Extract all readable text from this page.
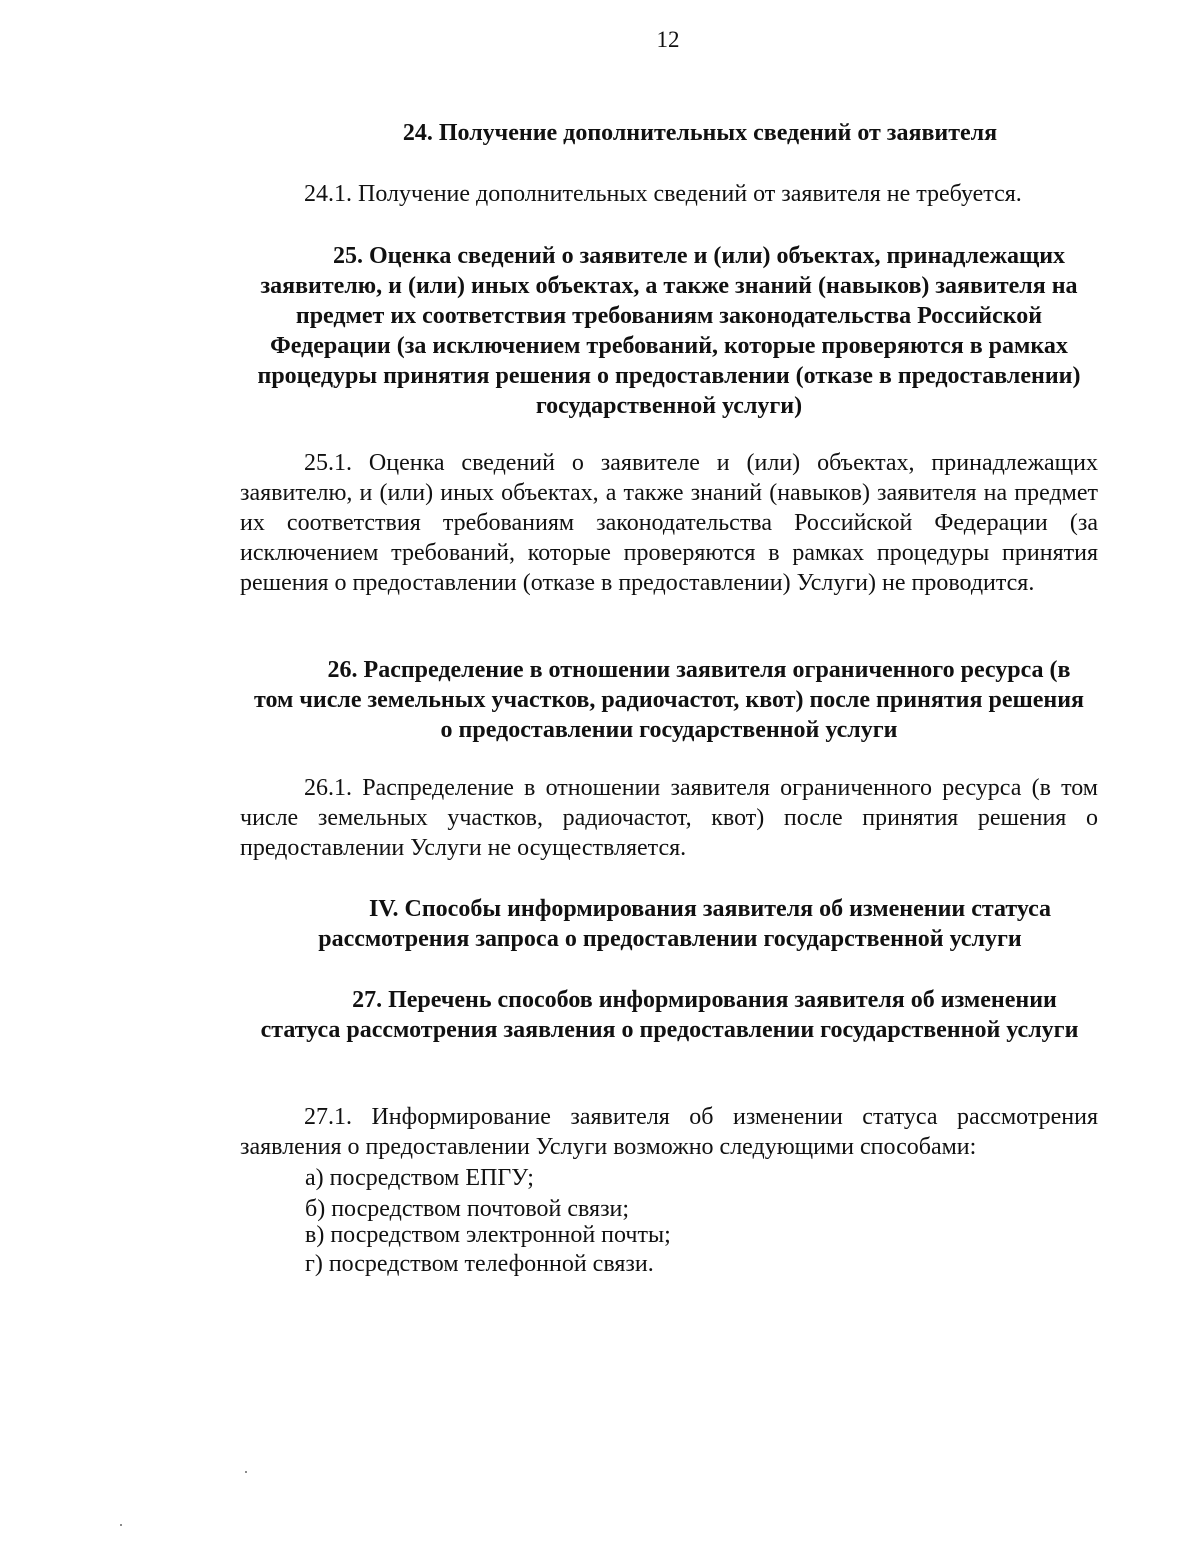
12
24. Получение дополнительных сведений от заявителя
24.1. Получение дополнительных сведений от заявителя не требуется.
25. Оценка сведений о заявителе и (или) объектах, принадлежащих заявителю, и (или) иных объектах, а также знаний (навыков) заявителя на предмет их соответствия требованиям законодательства Российской Федерации (за исключением требований, которые проверяются в рамках процедуры принятия решения о предоставлении (отказе в предоставлении) государственной услуги)
25.1. Оценка сведений о заявителе и (или) объектах, принадлежащих заявителю, и (или) иных объектах, а также знаний (навыков) заявителя на предмет их соответствия требованиям законодательства Российской Федерации (за исключением требований, которые проверяются в рамках процедуры принятия решения о предоставлении (отказе в предоставлении) Услуги) не проводится.
26. Распределение в отношении заявителя ограниченного ресурса (в том числе земельных участков, радиочастот, квот) после принятия решения о предоставлении государственной услуги
26.1. Распределение в отношении заявителя ограниченного ресурса (в том числе земельных участков, радиочастот, квот) после принятия решения о предоставлении Услуги не осуществляется.
IV. Способы информирования заявителя об изменении статуса рассмотрения запроса о предоставлении государственной услуги
27. Перечень способов информирования заявителя об изменении статуса рассмотрения заявления о предоставлении государственной услуги
27.1. Информирование заявителя об изменении статуса рассмотрения заявления о предоставлении Услуги возможно следующими способами:
а) посредством ЕПГУ;
б) посредством почтовой связи;
в) посредством электронной почты;
г) посредством телефонной связи.
